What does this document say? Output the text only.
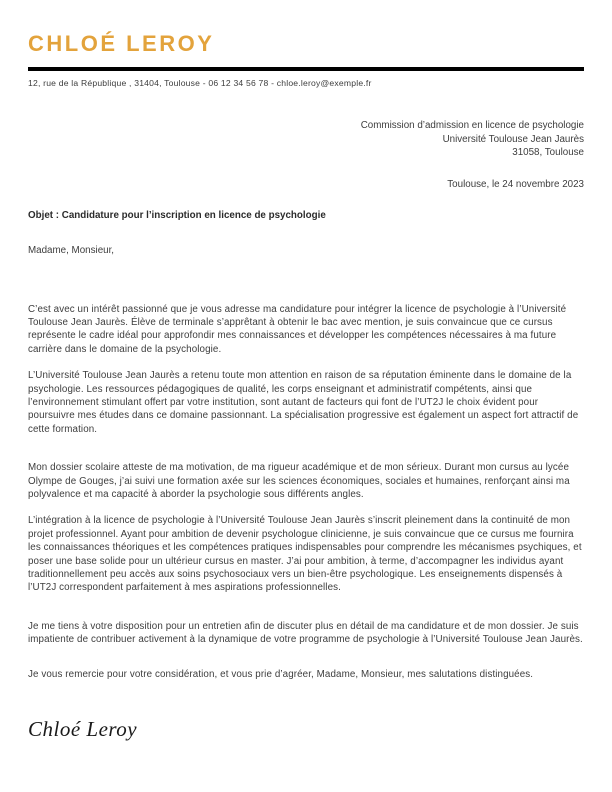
CHLOÉ LEROY
12, rue de la République , 31404, Toulouse - 06 12 34 56 78 - chloe.leroy@exemple.fr
Commission d’admission en licence de psychologie
Université Toulouse Jean Jaurès
31058, Toulouse
Toulouse, le 24 novembre 2023
Objet : Candidature pour l’inscription en licence de psychologie
Madame, Monsieur,

C’est avec un intérêt passionné que je vous adresse ma candidature pour intégrer la licence de psychologie à l’Université Toulouse Jean Jaurès. Élève de terminale s’apprêtant à obtenir le bac avec mention, je suis convaincue que ce cursus représente le cadre idéal pour approfondir mes connaissances et développer les compétences nécessaires à ma future carrière dans le domaine de la psychologie.

L’Université Toulouse Jean Jaurès a retenu toute mon attention en raison de sa réputation éminente dans le domaine de la psychologie. Les ressources pédagogiques de qualité, les corps enseignant et administratif compétents, ainsi que l’environnement stimulant offert par votre institution, sont autant de facteurs qui font de l’UT2J le choix évident pour poursuivre mes études dans ce domaine passionnant. La spécialisation progressive est également un aspect fort attractif de cette formation.

Mon dossier scolaire atteste de ma motivation, de ma rigueur académique et de mon sérieux. Durant mon cursus au lycée Olympe de Gouges, j’ai suivi une formation axée sur les sciences économiques, sociales et humaines, renforçant ainsi ma polyvalence et ma capacité à aborder la psychologie sous différents angles.

L’intégration à la licence de psychologie à l’Université Toulouse Jean Jaurès s’inscrit pleinement dans la continuité de mon projet professionnel. Ayant pour ambition de devenir psychologue clinicienne, je suis convaincue que ce cursus me fournira les connaissances théoriques et les compétences pratiques indispensables pour comprendre les mécanismes psychiques, et poser une base solide pour un ultérieur cursus en master. J’ai pour ambition, à terme, d’accompagner les individus ayant traditionnellement peu accès aux soins psychosociaux vers un bien-être psychologique. Les enseignements dispensés à l’UT2J correspondent parfaitement à mes aspirations professionnelles.

Je me tiens à votre disposition pour un entretien afin de discuter plus en détail de ma candidature et de mon dossier. Je suis impatiente de contribuer activement à la dynamique de votre programme de psychologie à l’Université Toulouse Jean Jaurès.

Je vous remercie pour votre considération, et vous prie d’agréer, Madame, Monsieur, mes salutations distinguées.

Chloé Leroy
